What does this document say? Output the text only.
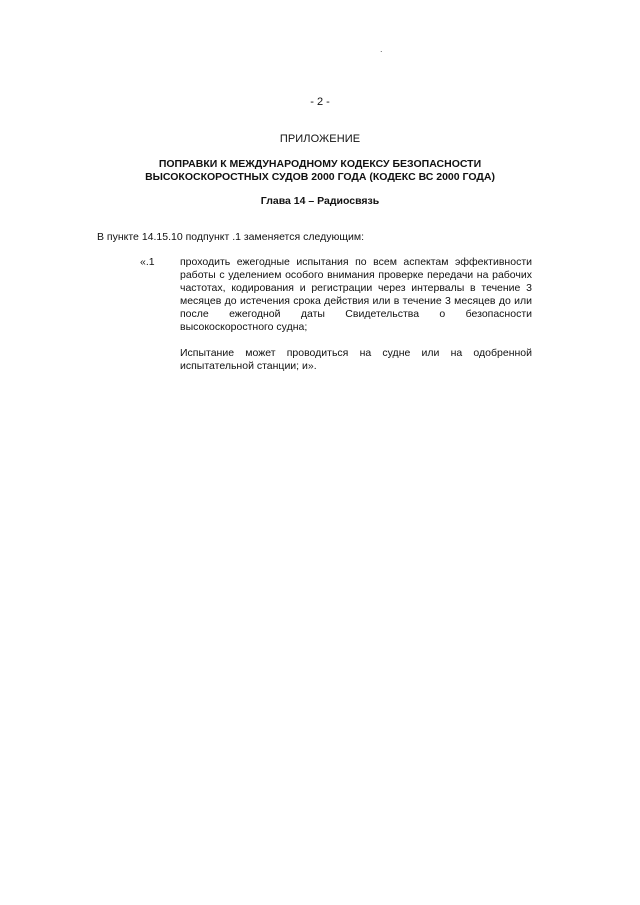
.
- 2 -
ПРИЛОЖЕНИЕ
ПОПРАВКИ К МЕЖДУНАРОДНОМУ КОДЕКСУ БЕЗОПАСНОСТИ
ВЫСОКОСКОРОСТНЫХ СУДОВ 2000 ГОДА (КОДЕКС ВС 2000 ГОДА)
Глава 14 – Радиосвязь
В пункте 14.15.10 подпункт .1 заменяется следующим:
«.1 проходить ежегодные испытания по всем аспектам эффективности работы с уделением особого внимания проверке передачи на рабочих частотах, кодирования и регистрации через интервалы в течение 3 месяцев до истечения срока действия или в течение 3 месяцев до или после ежегодной даты Свидетельства о безопасности высокоскоростного судна;

Испытание может проводиться на судне или на одобренной испытательной станции; и».
